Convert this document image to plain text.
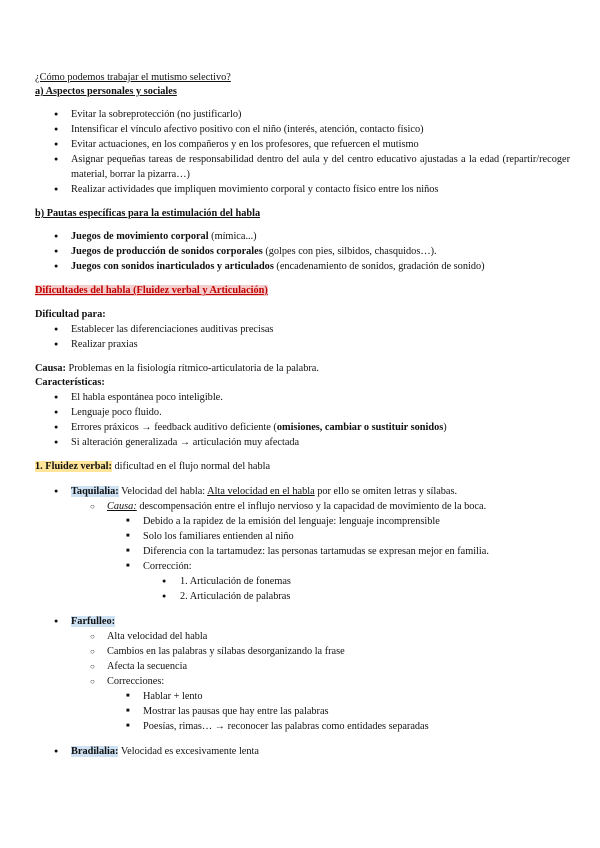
¿Cómo podemos trabajar el mutismo selectivo?
a) Aspectos personales y sociales
● Evitar la sobreprotección (no justificarlo)
● Intensificar el vínculo afectivo positivo con el niño (interés, atención, contacto físico)
● Evitar actuaciones, en los compañeros y en los profesores, que refuercen el mutismo
● Asignar pequeñas tareas de responsabilidad dentro del aula y del centro educativo ajustadas a la edad (repartir/recoger material, borrar la pizarra…)
● Realizar actividades que impliquen movimiento corporal y contacto físico entre los niños
b) Pautas específicas para la estimulación del habla
● Juegos de movimiento corporal (mímica...)
● Juegos de producción de sonidos corporales (golpes con pies, silbidos, chasquidos…).
● Juegos con sonidos inarticulados y articulados (encadenamiento de sonidos, gradación de sonido)
Dificultades del habla (Fluidez verbal y Articulación)
Dificultad para:
● Establecer las diferenciaciones auditivas precisas
● Realizar praxias
Causa: Problemas en la fisiología rítmico-articulatoria de la palabra.
Características:
● El habla espontánea poco inteligible.
● Lenguaje poco fluido.
● Errores práxicos → feedback auditivo deficiente (omisiones, cambiar o sustituir sonidos)
● Si alteración generalizada → articulación muy afectada
1. Fluidez verbal: dificultad en el flujo normal del habla
● Taquilalia: Velocidad del habla: Alta velocidad en el habla por ello se omiten letras y sílabas.
○ Causa: descompensación entre el influjo nervioso y la capacidad de movimiento de la boca.
■ Debido a la rapidez de la emisión del lenguaje: lenguaje incomprensible
■ Solo los familiares entienden al niño
■ Diferencia con la tartamudez: las personas tartamudas se expresan mejor en familia.
■ Corrección:
● 1. Articulación de fonemas
● 2. Articulación de palabras
● Farfulleo:
○ Alta velocidad del habla
○ Cambios en las palabras y sílabas desorganizando la frase
○ Afecta la secuencia
○ Correcciones:
■ Hablar + lento
■ Mostrar las pausas que hay entre las palabras
■ Poesías, rimas… → reconocer las palabras como entidades separadas
● Bradilalia: Velocidad es excesivamente lenta
